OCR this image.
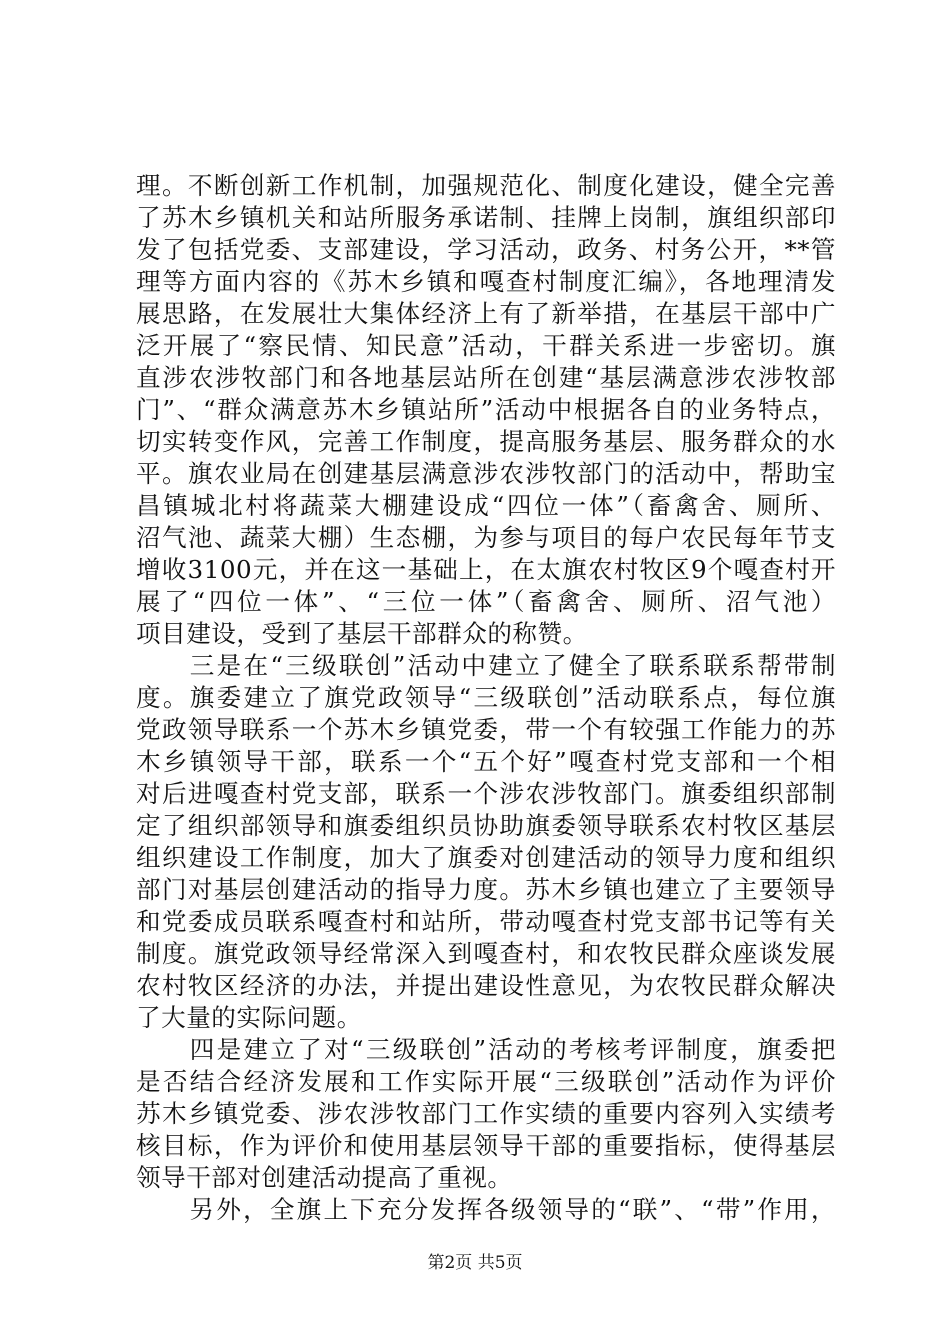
理。不断创新工作机制，加强规范化、制度化建设，健全完善
了苏木乡镇机关和站所服务承诺制、挂牌上岗制，旗组织部印
发了包括党委、支部建设，学习活动，政务、村务公开，**管
理等方面内容的《苏木乡镇和嘎查村制度汇编》，各地理清发
展思路，在发展壮大集体经济上有了新举措，在基层干部中广
泛开展了“察民情、知民意”活动，干群关系进一步密切。旗
直涉农涉牧部门和各地基层站所在创建“基层满意涉农涉牧部
门”、“群众满意苏木乡镇站所”活动中根据各自的业务特点，
切实转变作风，完善工作制度，提高服务基层、服务群众的水
平。旗农业局在创建基层满意涉农涉牧部门的活动中，帮助宝
昌镇城北村将蔬菜大棚建设成“四位一体”（畜禽舍、厕所、
沼气池、蔬菜大棚）生态棚，为参与项目的每户农民每年节支
增收3100元，并在这一基础上，在太旗农村牧区9个嘎查村开
展了“四位一体”、“三位一体”（畜禽舍、厕所、沼气池）
项目建设，受到了基层干部群众的称赞。
　　三是在“三级联创”活动中建立了健全了联系联系帮带制
度。旗委建立了旗党政领导“三级联创”活动联系点，每位旗
党政领导联系一个苏木乡镇党委，带一个有较强工作能力的苏
木乡镇领导干部，联系一个“五个好”嘎查村党支部和一个相
对后进嘎查村党支部，联系一个涉农涉牧部门。旗委组织部制
定了组织部领导和旗委组织员协助旗委领导联系农村牧区基层
组织建设工作制度，加大了旗委对创建活动的领导力度和组织
部门对基层创建活动的指导力度。苏木乡镇也建立了主要领导
和党委成员联系嘎查村和站所，带动嘎查村党支部书记等有关
制度。旗党政领导经常深入到嘎查村，和农牧民群众座谈发展
农村牧区经济的办法，并提出建设性意见，为农牧民群众解决
了大量的实际问题。
　　四是建立了对“三级联创”活动的考核考评制度，旗委把
是否结合经济发展和工作实际开展“三级联创”活动作为评价
苏木乡镇党委、涉农涉牧部门工作实绩的重要内容列入实绩考
核目标，作为评价和使用基层领导干部的重要指标，使得基层
领导干部对创建活动提高了重视。
　　另外，全旗上下充分发挥各级领导的“联”、“带”作用，
第2页 共5页
